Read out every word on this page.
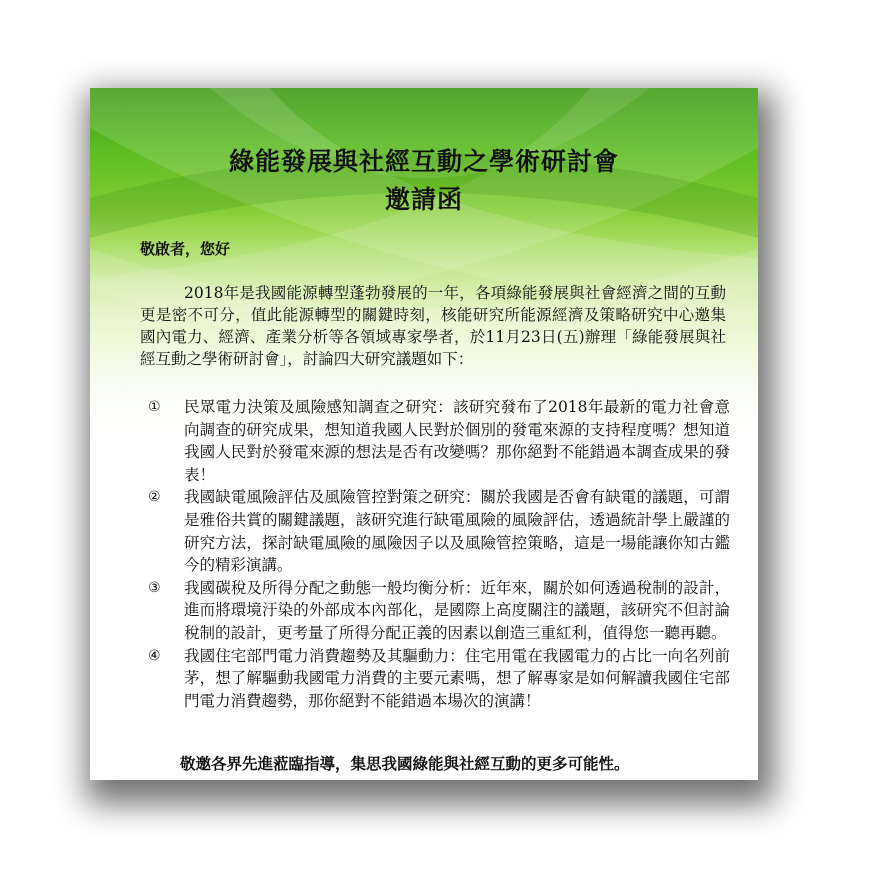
綠能發展與社經互動之學術研討會
邀請函

敬啟者，您好

2018年是我國能源轉型蓬勃發展的一年，各項綠能發展與社會經濟之間的互動更是密不可分，值此能源轉型的關鍵時刻，核能研究所能源經濟及策略研究中心邀集國內電力、經濟、產業分析等各領域專家學者，於11月23日(五)辦理「綠能發展與社經互動之學術研討會」，討論四大研究議題如下：

① 民眾電力決策及風險感知調查之研究：該研究發布了2018年最新的電力社會意向調查的研究成果，想知道我國人民對於個別的發電來源的支持程度嗎？想知道我國人民對於發電來源的想法是否有改變嗎？那你絕對不能錯過本調查成果的發表！
② 我國缺電風險評估及風險管控對策之研究：關於我國是否會有缺電的議題，可謂是雅俗共賞的關鍵議題，該研究進行缺電風險的風險評估，透過統計學上嚴謹的研究方法，探討缺電風險的風險因子以及風險管控策略，這是一場能讓你知古鑑今的精彩演講。
③ 我國碳稅及所得分配之動態一般均衡分析：近年來，關於如何透過稅制的設計，進而將環境汙染的外部成本內部化，是國際上高度關注的議題，該研究不但討論稅制的設計，更考量了所得分配正義的因素以創造三重紅利，值得您一聽再聽。
④ 我國住宅部門電力消費趨勢及其驅動力：住宅用電在我國電力的占比一向名列前茅，想了解驅動我國電力消費的主要元素嗎，想了解專家是如何解讀我國住宅部門電力消費趨勢，那你絕對不能錯過本場次的演講！

敬邀各界先進蒞臨指導，集思我國綠能與社經互動的更多可能性。
